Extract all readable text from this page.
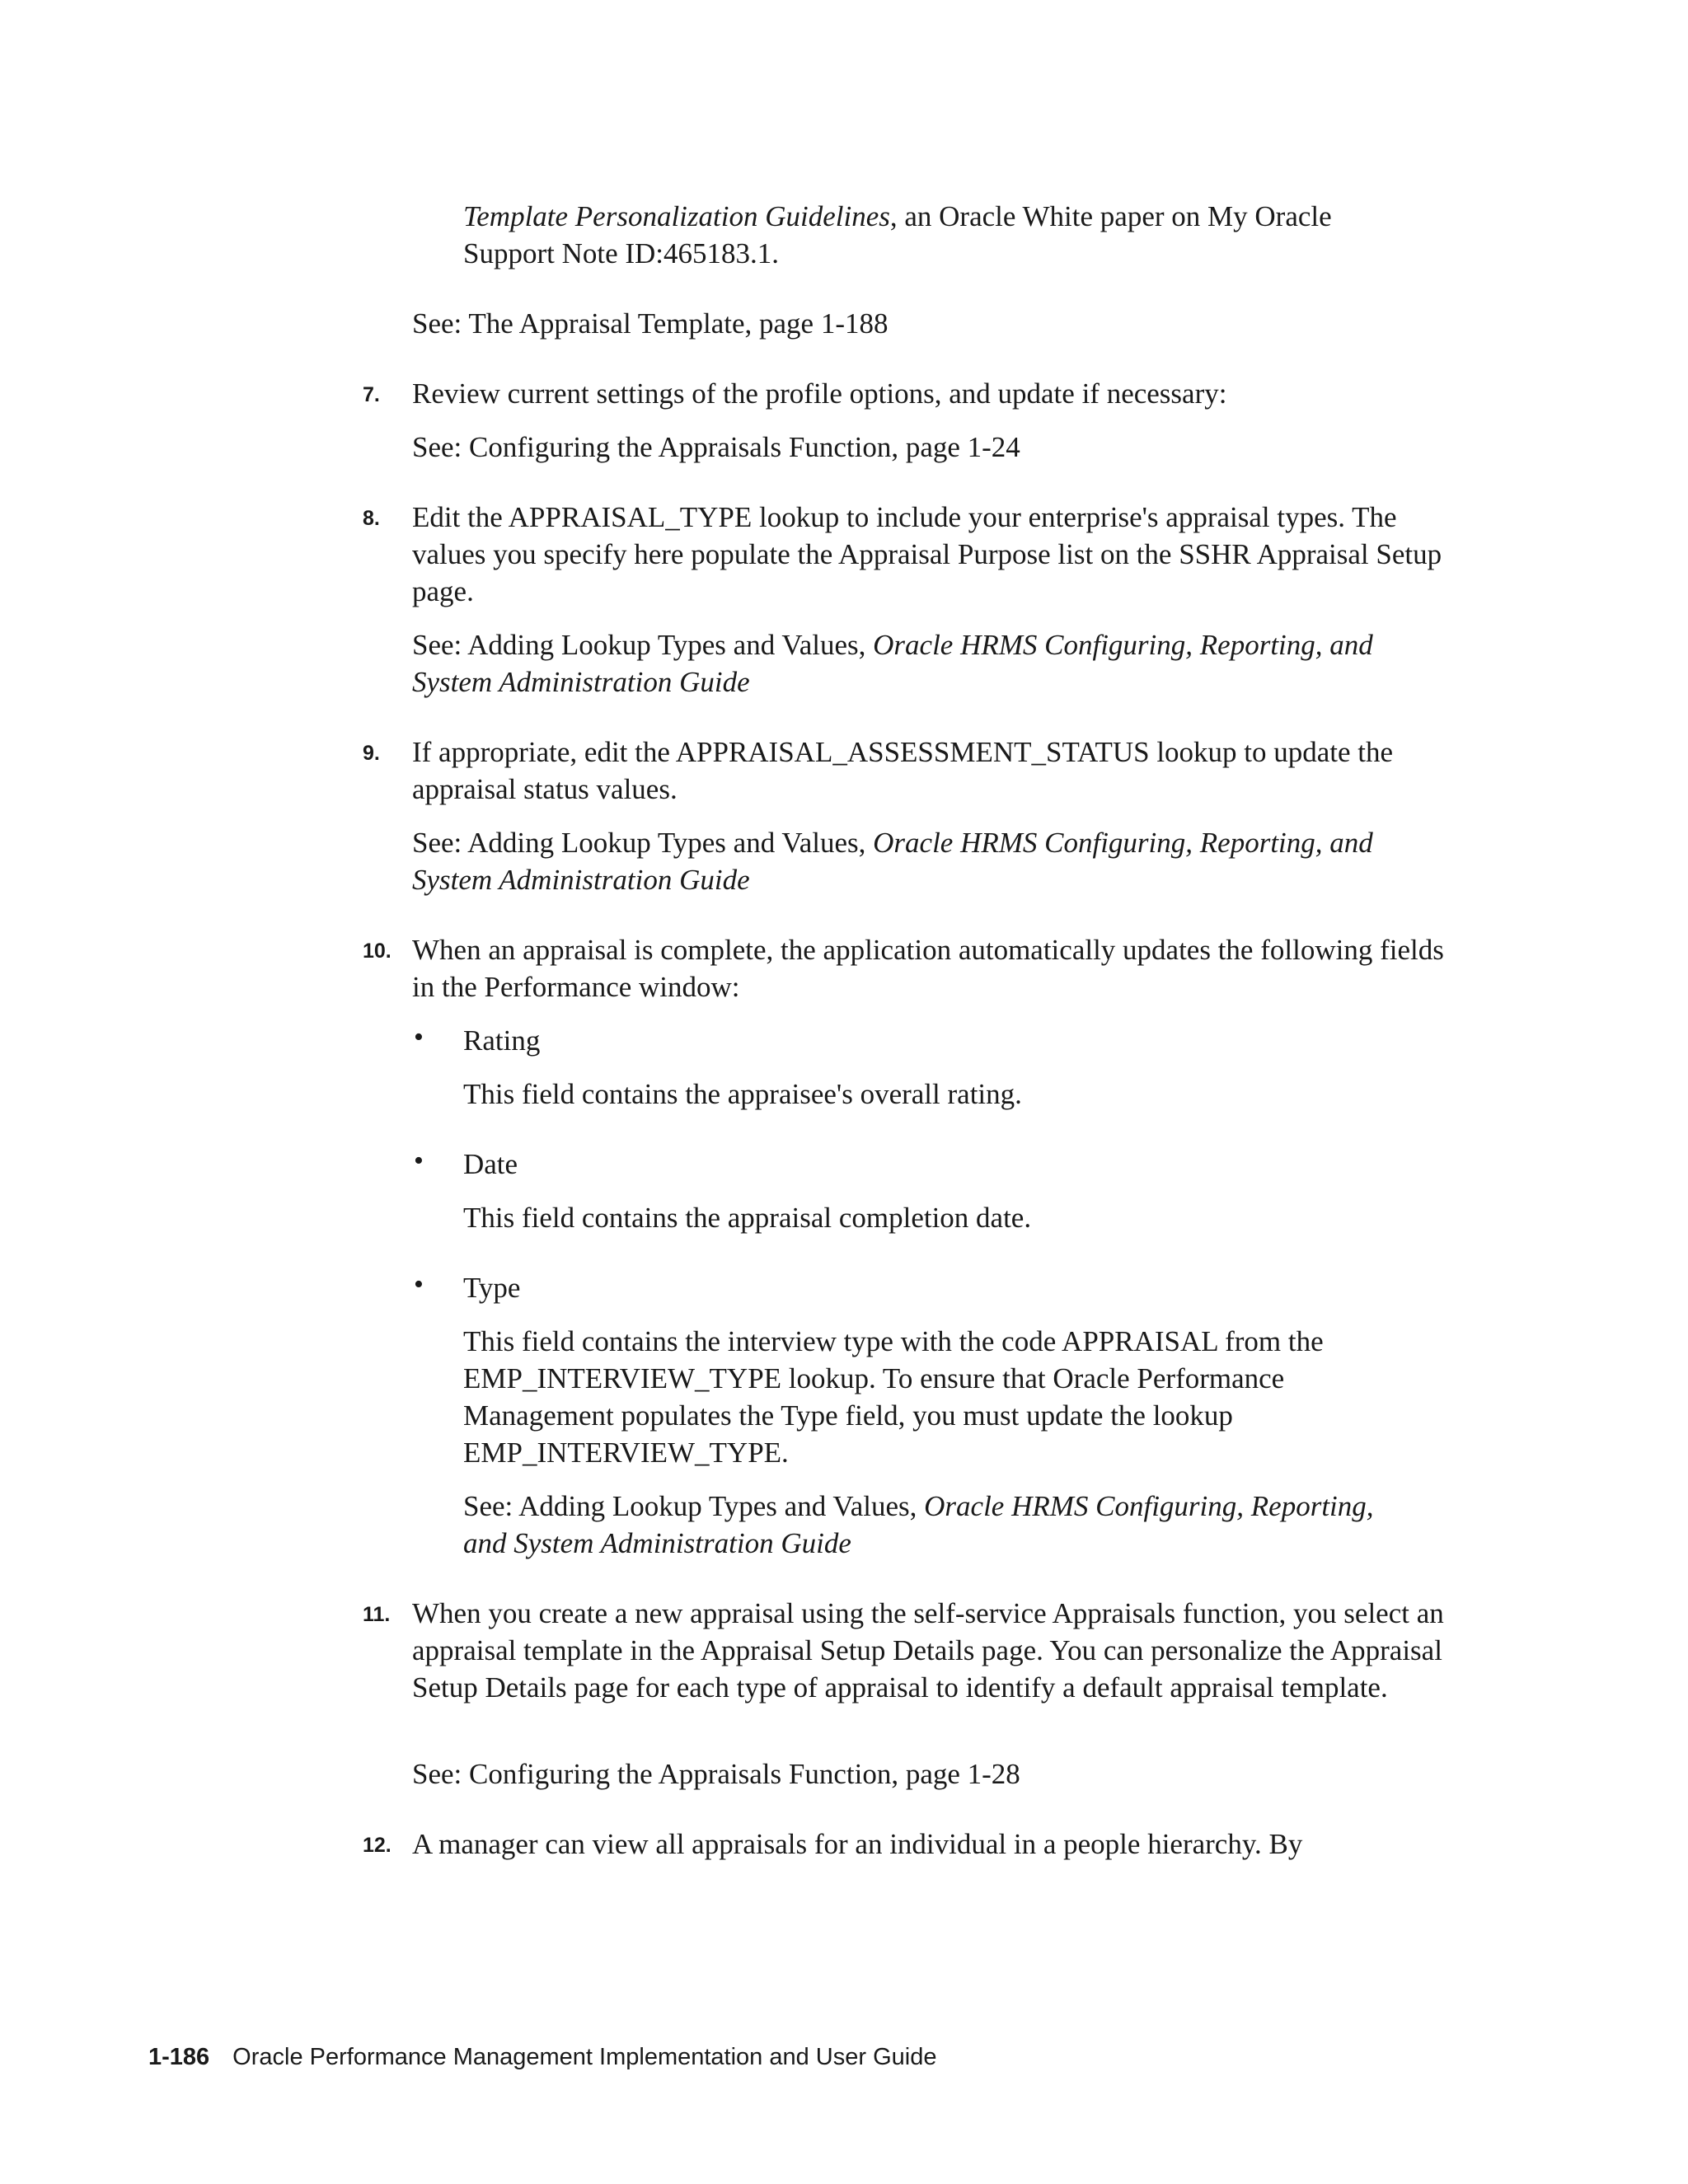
Template Personalization Guidelines, an Oracle White paper on My Oracle Support Note ID:465183.1.

See: The Appraisal Template, page 1-188

7. Review current settings of the profile options, and update if necessary:

See: Configuring the Appraisals Function, page 1-24

8. Edit the APPRAISAL_TYPE lookup to include your enterprise's appraisal types. The values you specify here populate the Appraisal Purpose list on the SSHR Appraisal Setup page.

See: Adding Lookup Types and Values, Oracle HRMS Configuring, Reporting, and System Administration Guide

9. If appropriate, edit the APPRAISAL_ASSESSMENT_STATUS lookup to update the appraisal status values.

See: Adding Lookup Types and Values, Oracle HRMS Configuring, Reporting, and System Administration Guide

10. When an appraisal is complete, the application automatically updates the following fields in the Performance window:

• Rating

This field contains the appraisee's overall rating.

• Date

This field contains the appraisal completion date.

• Type

This field contains the interview type with the code APPRAISAL from the EMP_INTERVIEW_TYPE lookup. To ensure that Oracle Performance Management populates the Type field, you must update the lookup EMP_INTERVIEW_TYPE.

See: Adding Lookup Types and Values, Oracle HRMS Configuring, Reporting, and System Administration Guide

11. When you create a new appraisal using the self-service Appraisals function, you select an appraisal template in the Appraisal Setup Details page. You can personalize the Appraisal Setup Details page for each type of appraisal to identify a default appraisal template.

See: Configuring the Appraisals Function, page 1-28

12. A manager can view all appraisals for an individual in a people hierarchy. By

1-186 Oracle Performance Management Implementation and User Guide
